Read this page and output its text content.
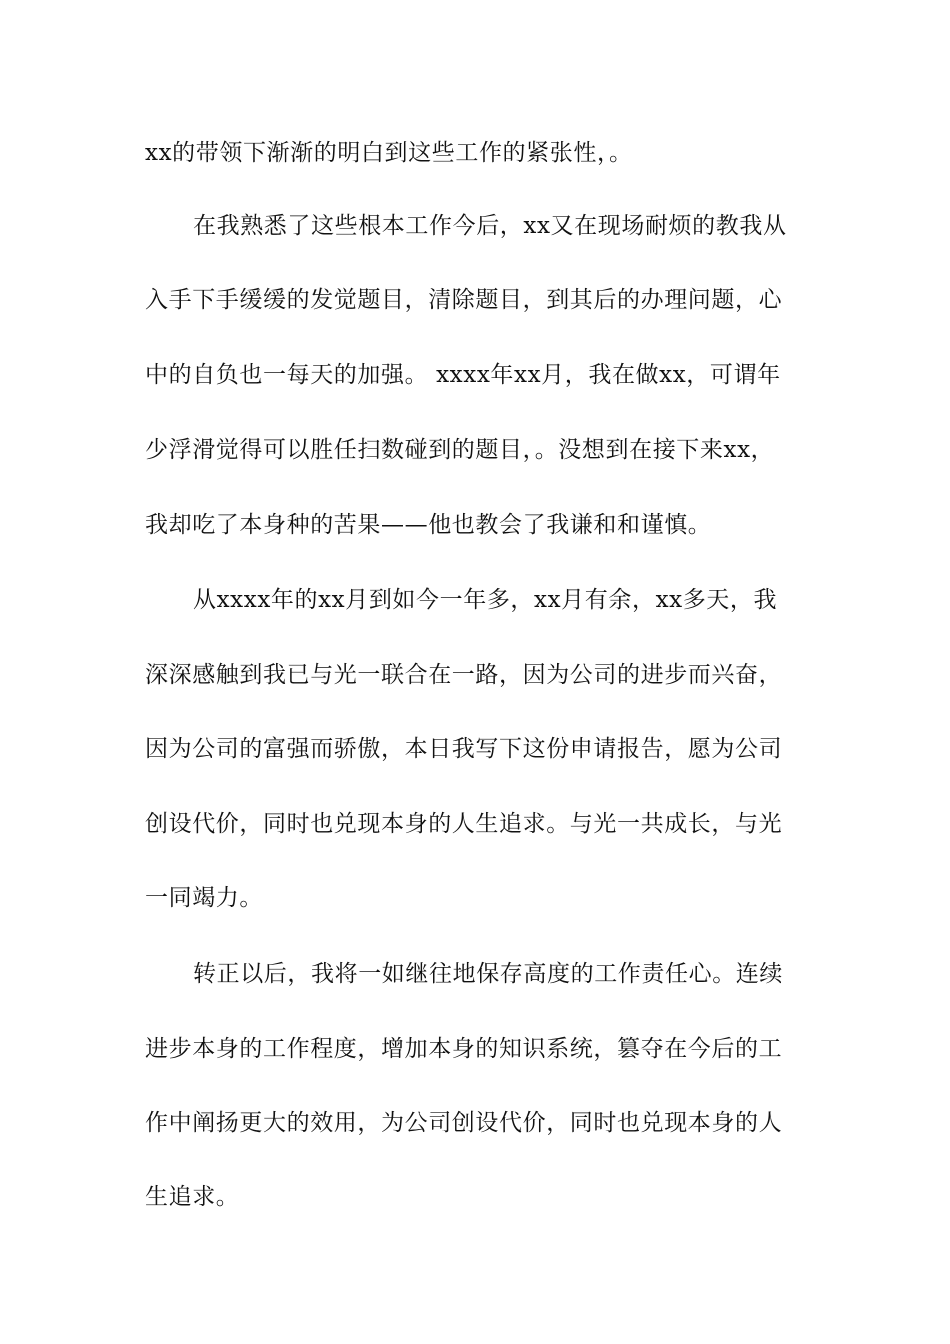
xx的带领下渐渐的明白到这些工作的紧张性，。
在我熟悉了这些根本工作今后，xx又在现场耐烦的教我从
入手下手缓缓的发觉题目，清除题目，到其后的办理问题，心
中的自负也一每天的加强。 xxxx年xx月，我在做xx，可谓年
少浮滑觉得可以胜任扫数碰到的题目，。没想到在接下来xx，
我却吃了本身种的苦果——他也教会了我谦和和谨慎。
从xxxx年的xx月到如今一年多，xx月有余，xx多天，我
深深感触到我已与光一联合在一路，因为公司的进步而兴奋，
因为公司的富强而骄傲，本日我写下这份申请报告，愿为公司
创设代价，同时也兑现本身的人生追求。与光一共成长，与光
一同竭力。
转正以后，我将一如继往地保存高度的工作责任心。连续
进步本身的工作程度，增加本身的知识系统，篡夺在今后的工
作中阐扬更大的效用，为公司创设代价，同时也兑现本身的人
生追求。
